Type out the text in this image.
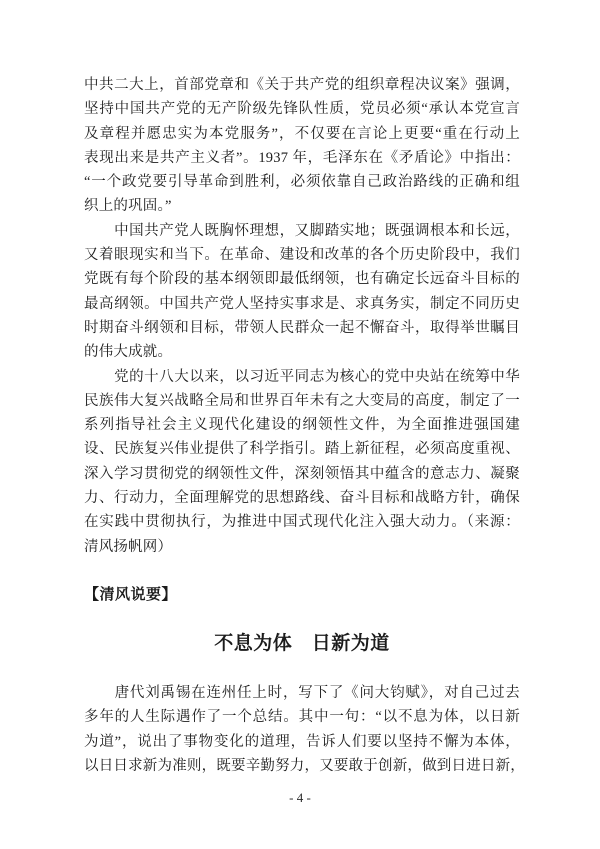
中共二大上，首部党章和《关于共产党的组织章程决议案》强调，
坚持中国共产党的无产阶级先锋队性质，党员必须“承认本党宣言
及章程并愿忠实为本党服务”，不仅要在言论上更要“重在行动上
表现出来是共产主义者”。1937 年，毛泽东在《矛盾论》中指出：
“一个政党要引导革命到胜利，必须依靠自己政治路线的正确和组
织上的巩固。”
　　中国共产党人既胸怀理想，又脚踏实地；既强调根本和长远，
又着眼现实和当下。在革命、建设和改革的各个历史阶段中，我们
党既有每个阶段的基本纲领即最低纲领，也有确定长远奋斗目标的
最高纲领。中国共产党人坚持实事求是、求真务实，制定不同历史
时期奋斗纲领和目标，带领人民群众一起不懈奋斗，取得举世瞩目
的伟大成就。
　　党的十八大以来，以习近平同志为核心的党中央站在统筹中华
民族伟大复兴战略全局和世界百年未有之大变局的高度，制定了一
系列指导社会主义现代化建设的纲领性文件，为全面推进强国建
设、民族复兴伟业提供了科学指引。踏上新征程，必须高度重视、
深入学习贯彻党的纲领性文件，深刻领悟其中蕴含的意志力、凝聚
力、行动力，全面理解党的思想路线、奋斗目标和战略方针，确保
在实践中贯彻执行，为推进中国式现代化注入强大动力。（来源：
清风扬帆网）
【清风说要】
不息为体　日新为道
　　唐代刘禹锡在连州任上时，写下了《问大钧赋》，对自己过去
多年的人生际遇作了一个总结。其中一句：“以不息为体，以日新
为道”，说出了事物变化的道理，告诉人们要以坚持不懈为本体，
以日日求新为准则，既要辛勤努力，又要敢于创新，做到日进日新，
- 4 -
